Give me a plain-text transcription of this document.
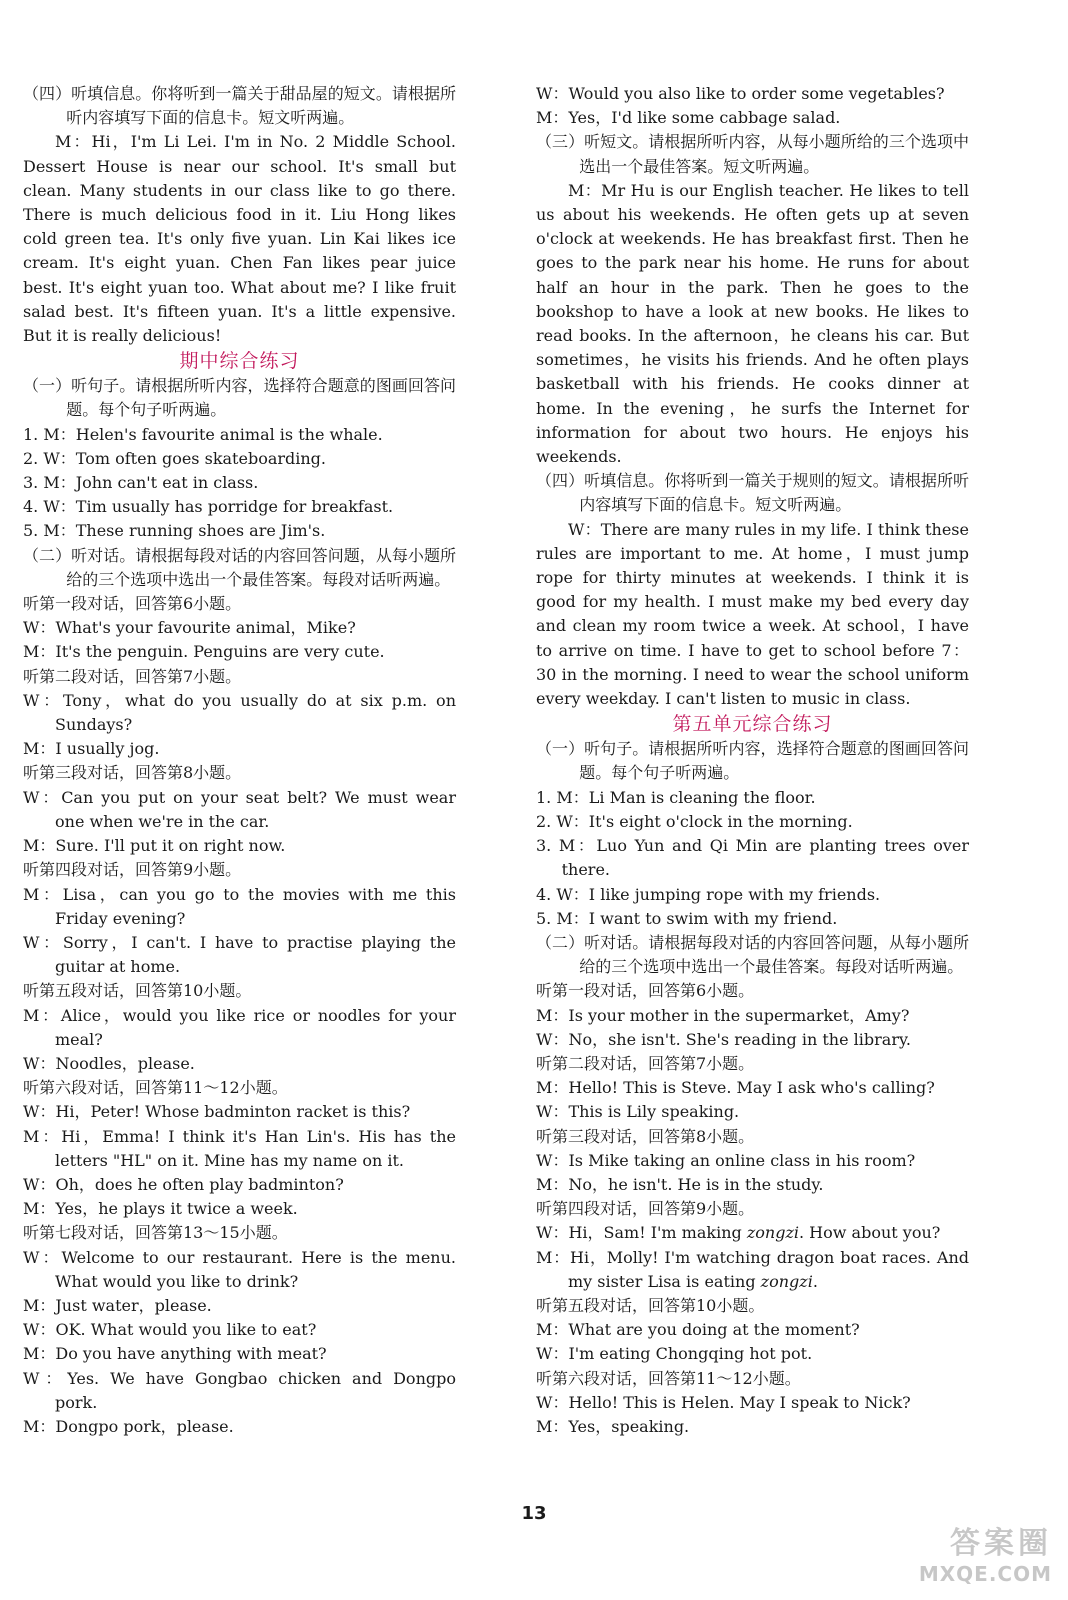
（四）听填信息。你将听到一篇关于甜品屋的短文。请根据所听内容填写下面的信息卡。短文听两遍。

M：Hi，I'm Li Lei. I'm in No. 2 Middle School. Dessert House is near our school. It's small but clean. Many students in our class like to go there. There is much delicious food in it. Liu Hong likes cold green tea. It's only five yuan. Lin Kai likes ice cream. It's eight yuan. Chen Fan likes pear juice best. It's eight yuan too. What about me? I like fruit salad best. It's fifteen yuan. It's a little expensive. But it is really delicious!

期中综合练习

（一）听句子。请根据所听内容，选择符合题意的图画回答问题。每个句子听两遍。

1. M：Helen's favourite animal is the whale.

2. W：Tom often goes skateboarding.

3. M：John can't eat in class.

4. W：Tim usually has porridge for breakfast.

5. M：These running shoes are Jim's.

（二）听对话。请根据每段对话的内容回答问题，从每小题所给的三个选项中选出一个最佳答案。每段对话听两遍。

听第一段对话，回答第6小题。

W：What's your favourite animal，Mike?

M：It's the penguin. Penguins are very cute.

听第二段对话，回答第7小题。

W：Tony，what do you usually do at six p.m. on Sundays?

M：I usually jog.

听第三段对话，回答第8小题。

W：Can you put on your seat belt? We must wear one when we're in the car.

M：Sure. I'll put it on right now.

听第四段对话，回答第9小题。

M：Lisa，can you go to the movies with me this Friday evening?

W：Sorry，I can't. I have to practise playing the guitar at home.

听第五段对话，回答第10小题。

M：Alice，would you like rice or noodles for your meal?

W：Noodles，please.

听第六段对话，回答第11～12小题。

W：Hi，Peter! Whose badminton racket is this?

M：Hi，Emma! I think it's Han Lin's. His has the letters "HL" on it. Mine has my name on it.

W：Oh，does he often play badminton?

M：Yes，he plays it twice a week.

听第七段对话，回答第13～15小题。

W：Welcome to our restaurant. Here is the menu. What would you like to drink?

M：Just water，please.

W：OK. What would you like to eat?

M：Do you have anything with meat?

W：Yes. We have Gongbao chicken and Dongpo pork.

M：Dongpo pork，please.

W：Would you also like to order some vegetables?

M：Yes，I'd like some cabbage salad.

（三）听短文。请根据所听内容，从每小题所给的三个选项中选出一个最佳答案。短文听两遍。

M：Mr Hu is our English teacher. He likes to tell us about his weekends. He often gets up at seven o'clock at weekends. He has breakfast first. Then he goes to the park near his home. He runs for about half an hour in the park. Then he goes to the bookshop to have a look at new books. He likes to read books. In the afternoon，he cleans his car. But sometimes，he visits his friends. And he often plays basketball with his friends. He cooks dinner at home. In the evening，he surfs the Internet for information for about two hours. He enjoys his weekends.

（四）听填信息。你将听到一篇关于规则的短文。请根据所听内容填写下面的信息卡。短文听两遍。

W：There are many rules in my life. I think these rules are important to me. At home，I must jump rope for thirty minutes at weekends. I think it is good for my health. I must make my bed every day and clean my room twice a week. At school，I have to arrive on time. I have to get to school before 7：30 in the morning. I need to wear the school uniform every weekday. I can't listen to music in class.

第五单元综合练习

（一）听句子。请根据所听内容，选择符合题意的图画回答问题。每个句子听两遍。

1. M：Li Man is cleaning the floor.

2. W：It's eight o'clock in the morning.

3. M：Luo Yun and Qi Min are planting trees over there.

4. W：I like jumping rope with my friends.

5. M：I want to swim with my friend.

（二）听对话。请根据每段对话的内容回答问题，从每小题所给的三个选项中选出一个最佳答案。每段对话听两遍。

听第一段对话，回答第6小题。

M：Is your mother in the supermarket，Amy?

W：No，she isn't. She's reading in the library.

听第二段对话，回答第7小题。

M：Hello! This is Steve. May I ask who's calling?

W：This is Lily speaking.

听第三段对话，回答第8小题。

W：Is Mike taking an online class in his room?

M：No，he isn't. He is in the study.

听第四段对话，回答第9小题。

W：Hi，Sam! I'm making zongzi. How about you?

M：Hi，Molly! I'm watching dragon boat races. And my sister Lisa is eating zongzi.

听第五段对话，回答第10小题。

M：What are you doing at the moment?

W：I'm eating Chongqing hot pot.

听第六段对话，回答第11～12小题。

W：Hello! This is Helen. May I speak to Nick?

M：Yes，speaking.

13
答案圈
MXQE.COM
